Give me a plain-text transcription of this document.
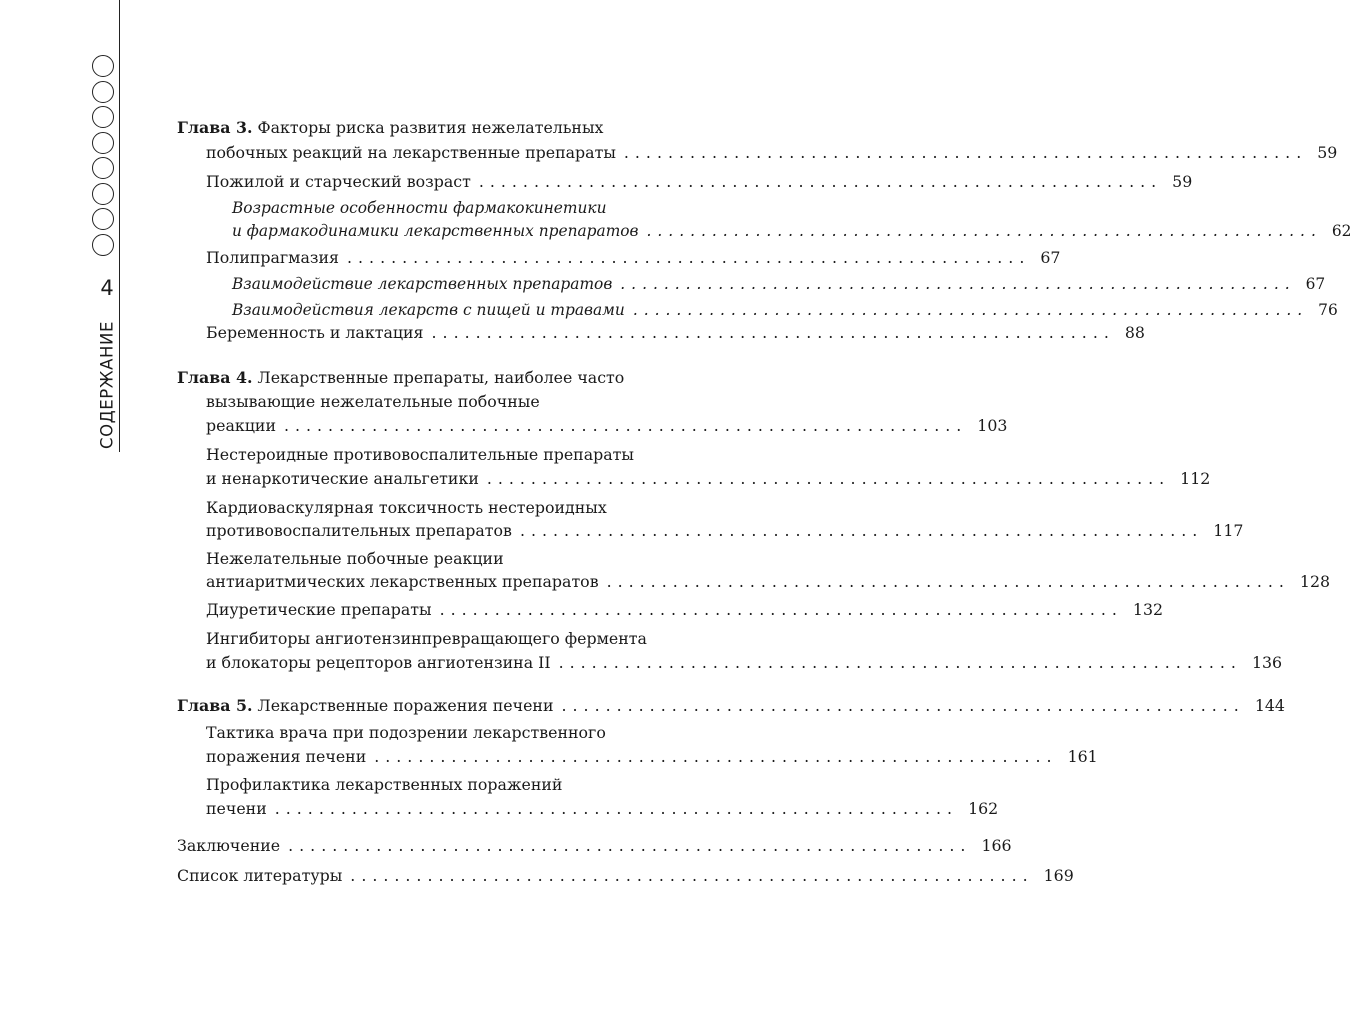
4
СОДЕРЖАНИЕ
Глава 3. Факторы риска развития нежелательных
побочных реакций на лекарственные препараты .............................................................. 59
Пожилой и старческий возраст .............................................................. 59
Возрастные особенности фармакокинетики
и фармакодинамики лекарственных препаратов .............................................................. 62
Полипрагмазия .............................................................. 67
Взаимодействие лекарственных препаратов .............................................................. 67
Взаимодействия лекарств с пищей и травами .............................................................. 76
Беременность и лактация .............................................................. 88
Глава 4. Лекарственные препараты, наиболее часто
вызывающие нежелательные побочные
реакции .............................................................. 103
Нестероидные противовоспалительные препараты
и ненаркотические анальгетики .............................................................. 112
Кардиоваскулярная токсичность нестероидных
противовоспалительных препаратов .............................................................. 117
Нежелательные побочные реакции
антиаритмических лекарственных препаратов .............................................................. 128
Диуретические препараты .............................................................. 132
Ингибиторы ангиотензинпревращающего фермента
и блокаторы рецепторов ангиотензина II .............................................................. 136
Глава 5. Лекарственные поражения печени .............................................................. 144
Тактика врача при подозрении лекарственного
поражения печени .............................................................. 161
Профилактика лекарственных поражений
печени .............................................................. 162
Заключение .............................................................. 166
Список литературы .............................................................. 169
